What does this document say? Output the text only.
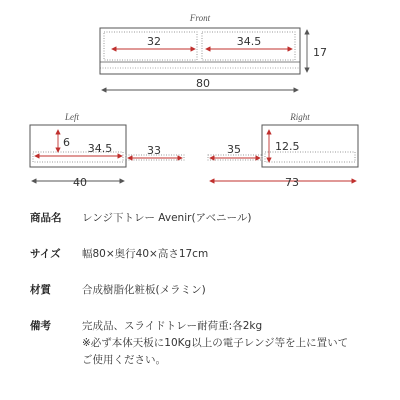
Front
32	34.5
17
80
Left
6 34.5	33
40
Right
35	12.5
73
商品名	レンジ下トレー Avenir(アベニール)
サイズ	幅80×奥行40×高さ17cm
材質	合成樹脂化粧板(メラミン)
備考	完成品、スライドトレー耐荷重:各2kg
※必ず本体天板に10Kg以上の電子レンジ等を上に置いて
ご使用ください。
